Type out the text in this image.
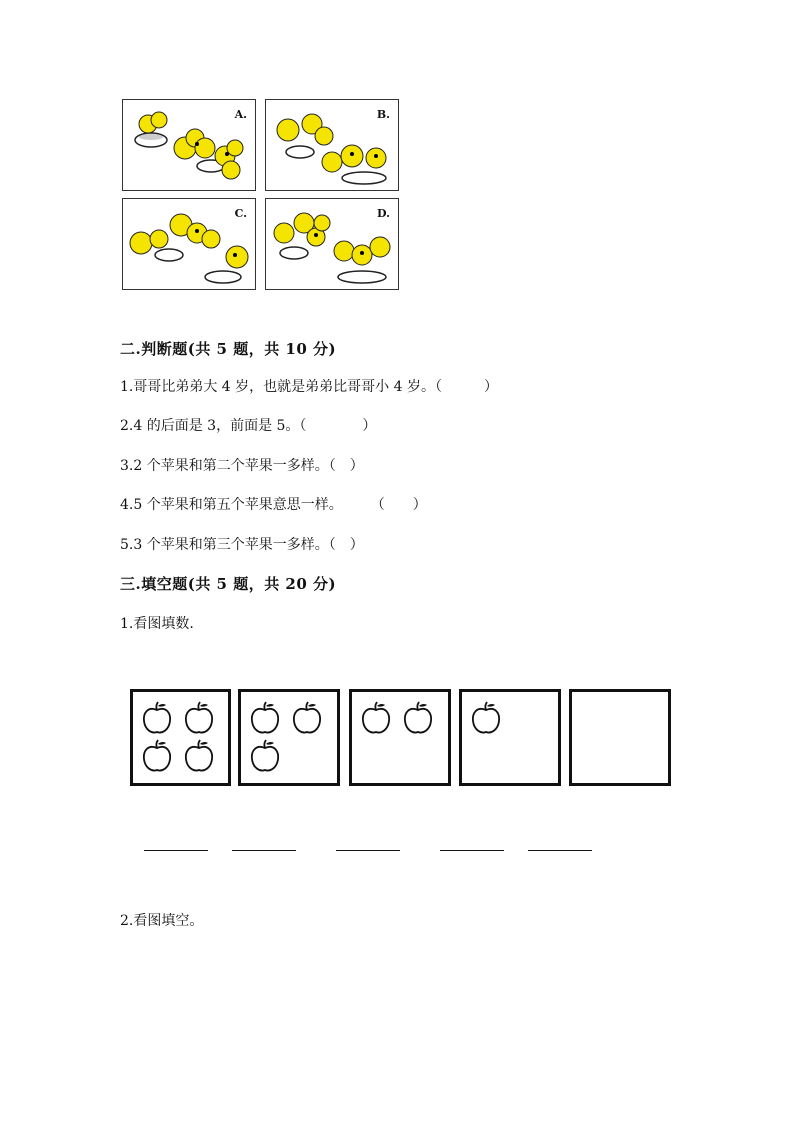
A.	B.
C.	D.
二.判断题(共 5 题，共 10 分)
1.哥哥比弟弟大 4 岁，也就是弟弟比哥哥小 4 岁。（　　　）
2.4 的后面是 3，前面是 5。（　　　　）
3.2 个苹果和第二个苹果一多样。（　）
4.5 个苹果和第五个苹果意思一样。　　　（　　）
5.3 个苹果和第三个苹果一多样。（　）
三.填空题(共 5 题，共 20 分)
1.看图填数.
2.看图填空。
